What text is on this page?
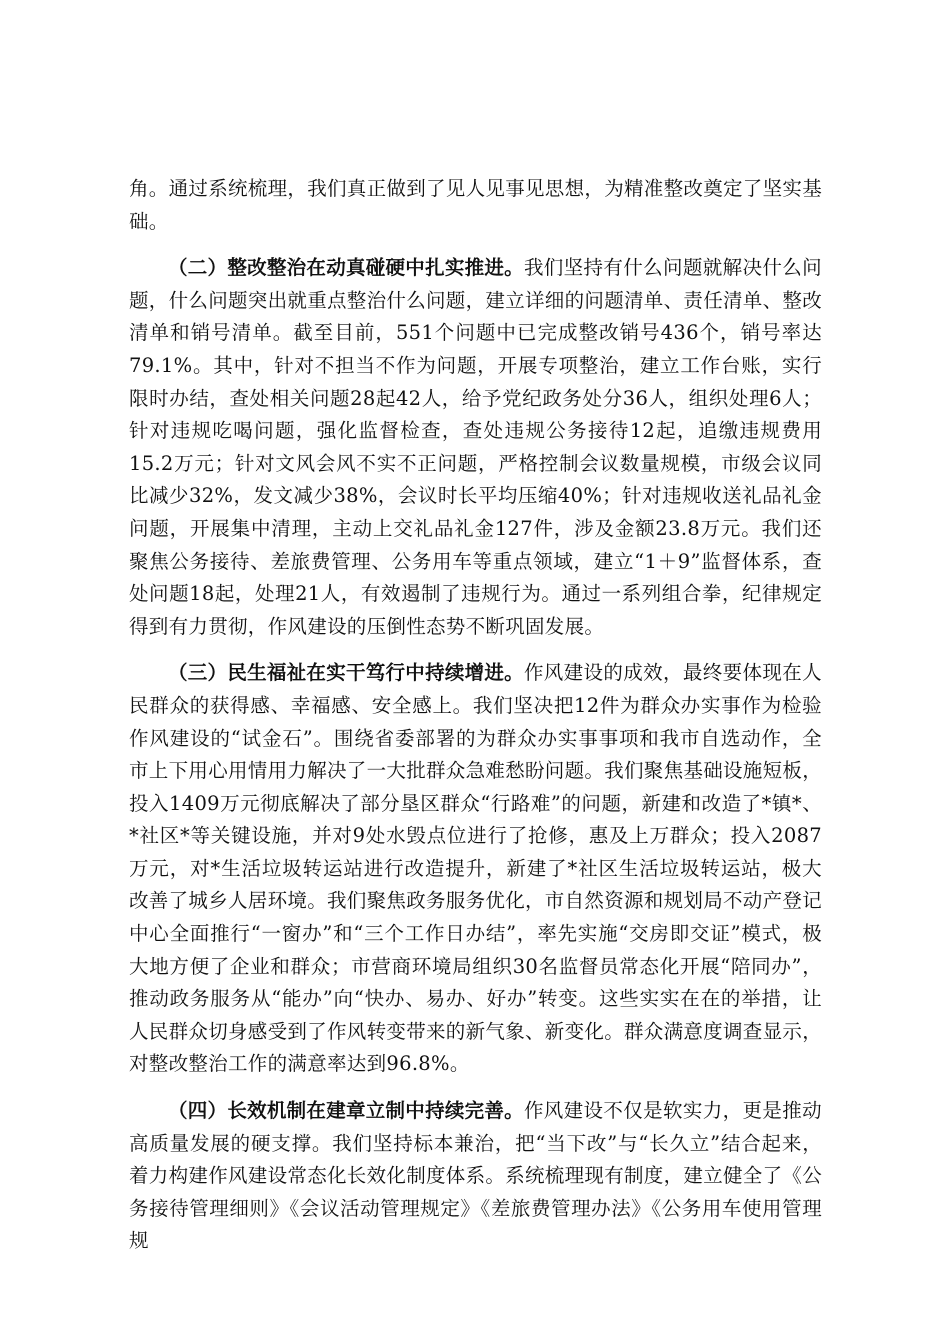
角。通过系统梳理，我们真正做到了见人见事见思想，为精准整改奠定了坚实基础。

（二）整改整治在动真碰硬中扎实推进。我们坚持有什么问题就解决什么问题，什么问题突出就重点整治什么问题，建立详细的问题清单、责任清单、整改清单和销号清单。截至目前，551个问题中已完成整改销号436个，销号率达79.1%。其中，针对不担当不作为问题，开展专项整治，建立工作台账，实行限时办结，查处相关问题28起42人，给予党纪政务处分36人，组织处理6人；针对违规吃喝问题，强化监督检查，查处违规公务接待12起，追缴违规费用15.2万元；针对文风会风不实不正问题，严格控制会议数量规模，市级会议同比减少32%，发文减少38%，会议时长平均压缩40%；针对违规收送礼品礼金问题，开展集中清理，主动上交礼品礼金127件，涉及金额23.8万元。我们还聚焦公务接待、差旅费管理、公务用车等重点领域，建立“1＋9”监督体系，查处问题18起，处理21人，有效遏制了违规行为。通过一系列组合拳，纪律规定得到有力贯彻，作风建设的压倒性态势不断巩固发展。

（三）民生福祉在实干笃行中持续增进。作风建设的成效，最终要体现在人民群众的获得感、幸福感、安全感上。我们坚决把12件为群众办实事作为检验作风建设的“试金石”。围绕省委部署的为群众办实事事项和我市自选动作，全市上下用心用情用力解决了一大批群众急难愁盼问题。我们聚焦基础设施短板，投入1409万元彻底解决了部分垦区群众“行路难”的问题，新建和改造了*镇*、*社区*等关键设施，并对9处水毁点位进行了抢修，惠及上万群众；投入2087万元，对*生活垃圾转运站进行改造提升，新建了*社区生活垃圾转运站，极大改善了城乡人居环境。我们聚焦政务服务优化，市自然资源和规划局不动产登记中心全面推行“一窗办”和“三个工作日办结”，率先实施“交房即交证”模式，极大地方便了企业和群众；市营商环境局组织30名监督员常态化开展“陪同办”，推动政务服务从“能办”向“快办、易办、好办”转变。这些实实在在的举措，让人民群众切身感受到了作风转变带来的新气象、新变化。群众满意度调查显示，对整改整治工作的满意率达到96.8%。

（四）长效机制在建章立制中持续完善。作风建设不仅是软实力，更是推动高质量发展的硬支撑。我们坚持标本兼治，把“当下改”与“长久立”结合起来，着力构建作风建设常态化长效化制度体系。系统梳理现有制度，建立健全了《公务接待管理细则》《会议活动管理规定》《差旅费管理办法》《公务用车使用管理规
